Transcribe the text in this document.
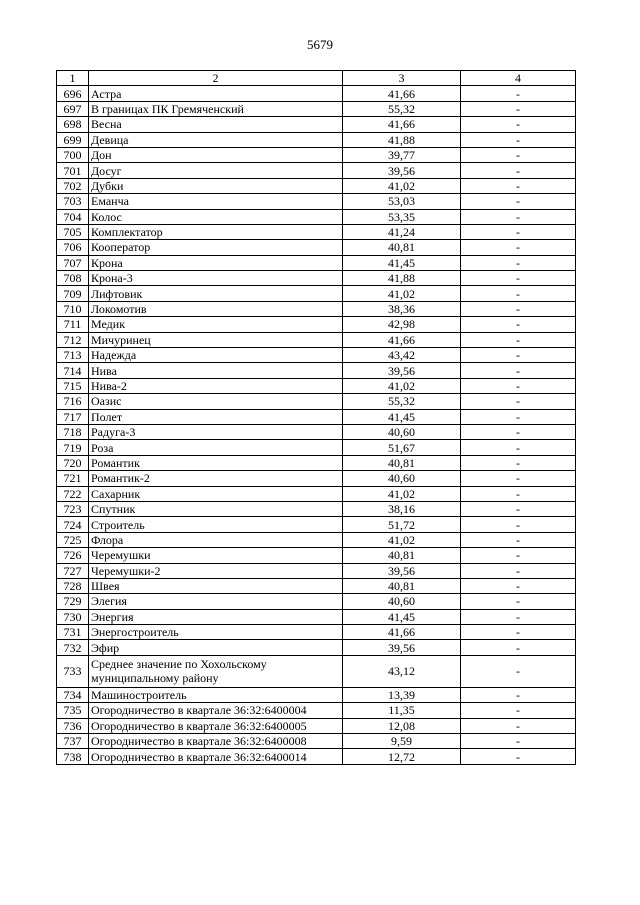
5679
1	2	3	4
696	Астра	41,66	-
697	В границах ПК Гремяченский	55,32	-
698	Весна	41,66	-
699	Девица	41,88	-
700	Дон	39,77	-
701	Досуг	39,56	-
702	Дубки	41,02	-
703	Еманча	53,03	-
704	Колос	53,35	-
705	Комплектатор	41,24	-
706	Кооператор	40,81	-
707	Крона	41,45	-
708	Крона-3	41,88	-
709	Лифтовик	41,02	-
710	Локомотив	38,36	-
711	Медик	42,98	-
712	Мичуринец	41,66	-
713	Надежда	43,42	-
714	Нива	39,56	-
715	Нива-2	41,02	-
716	Оазис	55,32	-
717	Полет	41,45	-
718	Радуга-3	40,60	-
719	Роза	51,67	-
720	Романтик	40,81	-
721	Романтик-2	40,60	-
722	Сахарник	41,02	-
723	Спутник	38,16	-
724	Строитель	51,72	-
725	Флора	41,02	-
726	Черемушки	40,81	-
727	Черемушки-2	39,56	-
728	Швея	40,81	-
729	Элегия	40,60	-
730	Энергия	41,45	-
731	Энергостроитель	41,66	-
732	Эфир	39,56	-
733	Среднее значение по Хохольскому муниципальному району	43,12	-
734	Машиностроитель	13,39	-
735	Огородничество в квартале 36:32:6400004	11,35	-
736	Огородничество в квартале 36:32:6400005	12,08	-
737	Огородничество в квартале 36:32:6400008	9,59	-
738	Огородничество в квартале 36:32:6400014	12,72	-
